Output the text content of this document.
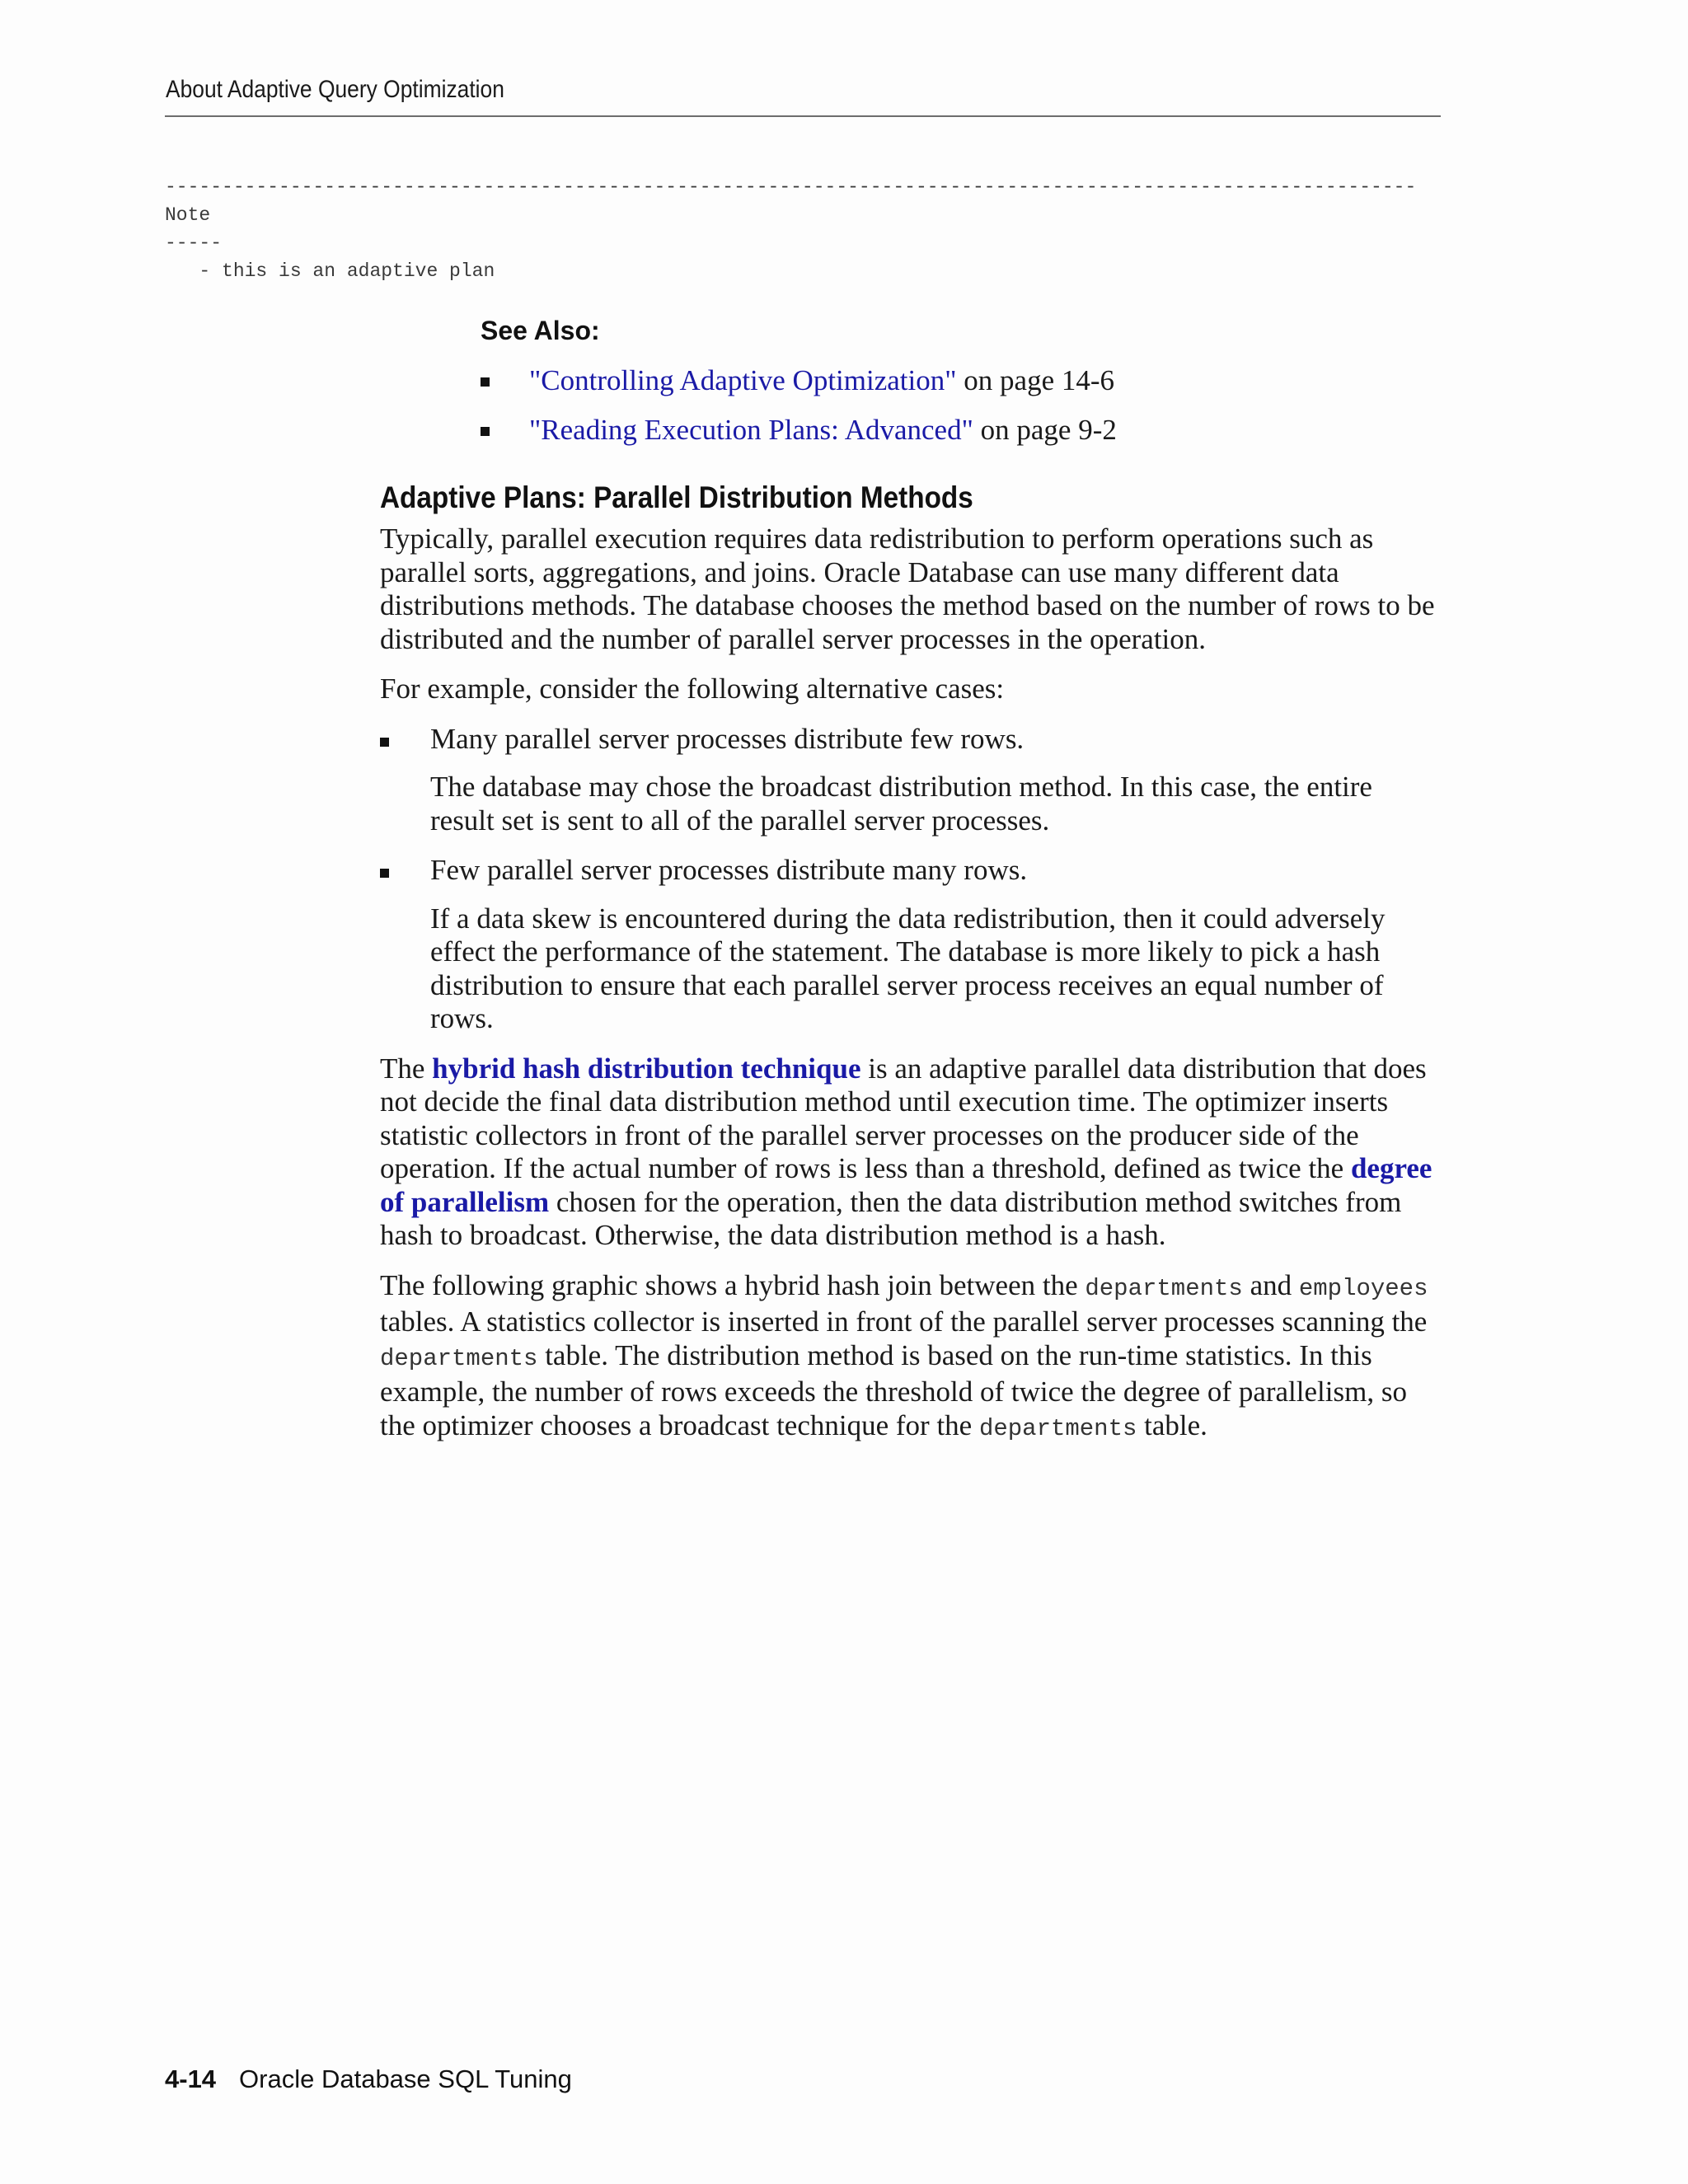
About Adaptive Query Optimization
--------------------------------------------------------------------------------------------------------------
Note
-----
- this is an adaptive plan
See Also:
"Controlling Adaptive Optimization" on page 14-6
"Reading Execution Plans: Advanced" on page 9-2
Adaptive Plans: Parallel Distribution Methods

Typically, parallel execution requires data redistribution to perform operations such as parallel sorts, aggregations, and joins. Oracle Database can use many different data distributions methods. The database chooses the method based on the number of rows to be distributed and the number of parallel server processes in the operation.

For example, consider the following alternative cases:

Many parallel server processes distribute few rows.

The database may chose the broadcast distribution method. In this case, the entire result set is sent to all of the parallel server processes.

Few parallel server processes distribute many rows.

If a data skew is encountered during the data redistribution, then it could adversely effect the performance of the statement. The database is more likely to pick a hash distribution to ensure that each parallel server process receives an equal number of rows.

The hybrid hash distribution technique is an adaptive parallel data distribution that does not decide the final data distribution method until execution time. The optimizer inserts statistic collectors in front of the parallel server processes on the producer side of the operation. If the actual number of rows is less than a threshold, defined as twice the degree of parallelism chosen for the operation, then the data distribution method switches from hash to broadcast. Otherwise, the data distribution method is a hash.

The following graphic shows a hybrid hash join between the departments and employees tables. A statistics collector is inserted in front of the parallel server processes scanning the departments table. The distribution method is based on the run-time statistics. In this example, the number of rows exceeds the threshold of twice the degree of parallelism, so the optimizer chooses a broadcast technique for the departments table.

4-14 Oracle Database SQL Tuning
